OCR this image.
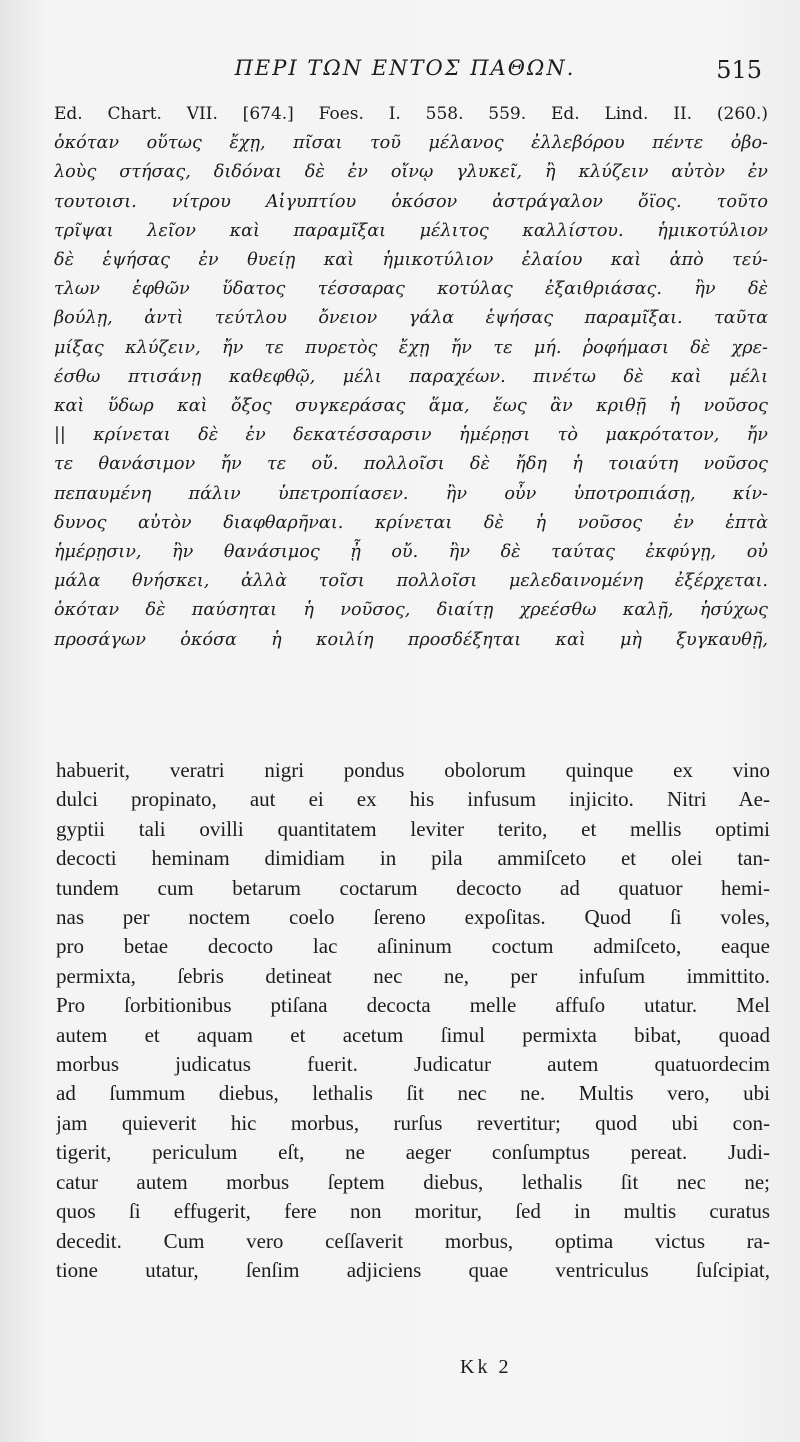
ΠΕΡΙ ΤΩΝ ΕΝΤΟΣ ΠΑΘΩΝ.	515
Ed. Chart. VII. [674.] Foes. I. 558. 559. Ed. Lind. II. (260.)
ὁκόταν οὕτως ἔχῃ, πῖσαι τοῦ μέλανος ἐλλεβόρου πέντε ὀβο-
λοὺς στήσας, διδόναι δὲ ἐν οἴνῳ γλυκεῖ, ἢ κλύζειν αὐτὸν ἐν
τουτοισι. νίτρου Αἰγυπτίου ὁκόσον ἀστράγαλον ὄϊος. τοῦτο
τρῖψαι λεῖον καὶ παραμῖξαι μέλιτος καλλίστου. ἡμικοτύλιον
δὲ ἑψήσας ἐν θυείῃ καὶ ἡμικοτύλιον ἐλαίου καὶ ἀπὸ τεύ-
τλων ἑφθῶν ὕδατος τέσσαρας κοτύλας ἐξαιθριάσας. ἢν δὲ
βούλῃ, ἀντὶ τεύτλου ὄνειον γάλα ἑψήσας παραμῖξαι. ταῦτα
μίξας κλύζειν, ἤν τε πυρετὸς ἔχῃ ἤν τε μή. ῥοφήμασι δὲ χρε-
έσθω πτισάνῃ καθεφθῷ, μέλι παραχέων. πινέτω δὲ καὶ μέλι
καὶ ὕδωρ καὶ ὄξος συγκεράσας ἅμα, ἕως ἂν κριθῇ ἡ νοῦσος
|| κρίνεται δὲ ἐν δεκατέσσαρσιν ἡμέρῃσι τὸ μακρότατον, ἤν
τε θανάσιμον ἤν τε οὔ. πολλοῖσι δὲ ἤδη ἡ τοιαύτη νοῦσος
πεπαυμένη πάλιν ὑπετροπίασεν. ἢν οὖν ὑποτροπιάσῃ, κίν-
δυνος αὐτὸν διαφθαρῆναι. κρίνεται δὲ ἡ νοῦσος ἐν ἑπτὰ
ἡμέρῃσιν, ἢν θανάσιμος ᾖ οὔ. ἢν δὲ ταύτας ἐκφύγῃ, οὐ
μάλα θνήσκει, ἀλλὰ τοῖσι πολλοῖσι μελεδαινομένη ἐξέρχεται.
ὁκόταν δὲ παύσηται ἡ νοῦσος, διαίτῃ χρεέσθω καλῇ, ἡσύχως
προσάγων ὁκόσα ἡ κοιλίη προσδέξηται καὶ μὴ ξυγκαυθῇ,
habuerit, veratri nigri pondus obolorum quinque ex vino
dulci propinato, aut ei ex his infusum injicito. Nitri Ae-
gyptii tali ovilli quantitatem leviter terito, et mellis optimi
decocti heminam dimidiam in pila ammiſceto et olei tan-
tundem cum betarum coctarum decocto ad quatuor hemi-
nas per noctem coelo ſereno expoſitas. Quod ſi voles,
pro betae decocto lac aſininum coctum admiſceto, eaque
permixta, ſebris detineat nec ne, per infuſum immittito.
Pro ſorbitionibus ptiſana decocta melle affuſo utatur. Mel
autem et aquam et acetum ſimul permixta bibat, quoad
morbus judicatus fuerit. Judicatur autem quatuordecim
ad ſummum diebus, lethalis ſit nec ne. Multis vero, ubi
jam quieverit hic morbus, rurſus revertitur; quod ubi con-
tigerit, periculum eſt, ne aeger conſumptus pereat. Judi-
catur autem morbus ſeptem diebus, lethalis ſit nec ne;
quos ſi effugerit, fere non moritur, ſed in multis curatus
decedit. Cum vero ceſſaverit morbus, optima victus ra-
tione utatur, ſenſim adjiciens quae ventriculus ſuſcipiat,
Kk 2
